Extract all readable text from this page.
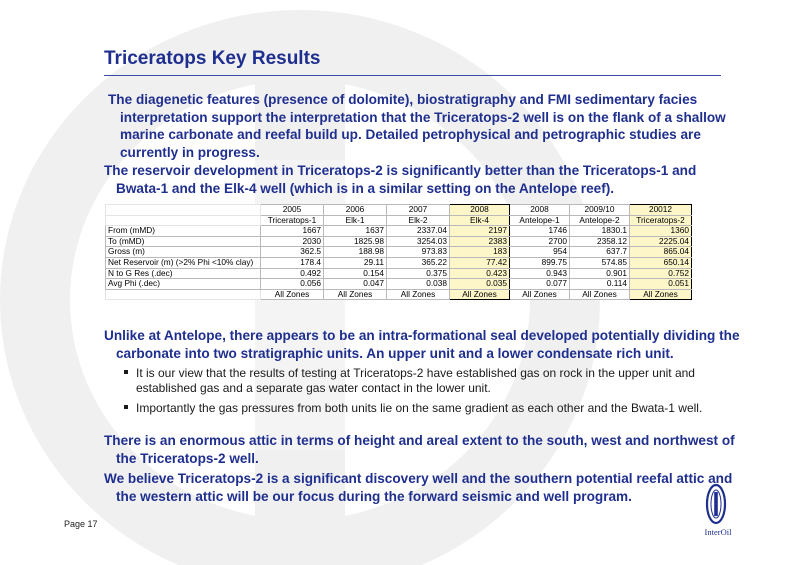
Triceratops Key Results

The diagenetic features (presence of dolomite), biostratigraphy and FMI sedimentary facies interpretation support the interpretation that the Triceratops-2 well is on the flank of a shallow marine carbonate and reefal build up. Detailed petrophysical and petrographic studies are currently in progress.

The reservoir development in Triceratops-2 is significantly better than the Triceratops-1 and Bwata-1 and the Elk-4 well (which is in a similar setting on the Antelope reef).

	2005	2006	2007	2008	2008	2009/10	20012
	Triceratops-1	Elk-1	Elk-2	Elk-4	Antelope-1	Antelope-2	Triceratops-2
From (mMD)	1667	1637	2337.04	2197	1746	1830.1	1360
To (mMD)	2030	1825.98	3254.03	2383	2700	2358.12	2225.04
Gross (m)	362.5	188.98	973.83	183	954	637.7	865.04
Net Reservoir (m) (>2% Phi <10% clay)	178.4	29.11	365.22	77.42	899.75	574.85	650.14
N to G Res (.dec)	0.492	0.154	0.375	0.423	0.943	0.901	0.752
Avg Phi (.dec)	0.056	0.047	0.038	0.035	0.077	0.114	0.051
	All Zones	All Zones	All Zones	All Zones	All Zones	All Zones	All Zones

Unlike at Antelope, there appears to be an intra-formational seal developed potentially dividing the carbonate into two stratigraphic units. An upper unit and a lower condensate rich unit.

It is our view that the results of testing at Triceratops-2 have established gas on rock in the upper unit and established gas and a separate gas water contact in the lower unit.
Importantly the gas pressures from both units lie on the same gradient as each other and the Bwata-1 well.

There is an enormous attic in terms of height and areal extent to the south, west and northwest of the Triceratops-2 well.

We believe Triceratops-2 is a significant discovery well and the southern potential reefal attic and the western attic will be our focus during the forward seismic and well program.

Page 17
InterOil
